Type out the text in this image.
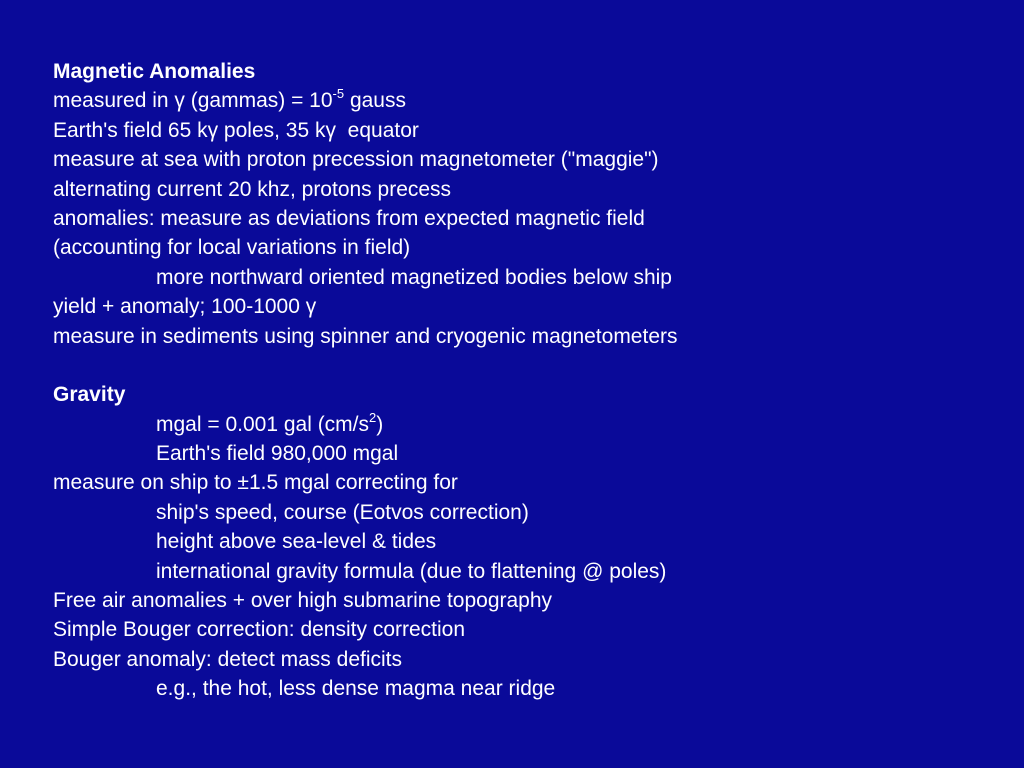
Magnetic Anomalies
measured in γ (gammas) = $10^{-5}$ gauss
Earth's field 65 kγ poles, 35 kγ  equator
measure at sea with proton precession magnetometer ("maggie")
alternating current 20 khz, protons precess
anomalies: measure as deviations from expected magnetic field
(accounting for local variations in field)
more northward oriented magnetized bodies below ship
yield + anomaly; 100-1000 γ
measure in sediments using spinner and cryogenic magnetometers
Gravity
mgal = 0.001 gal $(cm/s^2)$
Earth's field 980,000 mgal
measure on ship to ±1.5 mgal correcting for
ship's speed, course (Eotvos correction)
height above sea-level & tides
international gravity formula (due to flattening @ poles)
Free air anomalies + over high submarine topography
Simple Bouger correction: density correction
Bouger anomaly: detect mass deficits
e.g., the hot, less dense magma near ridge
